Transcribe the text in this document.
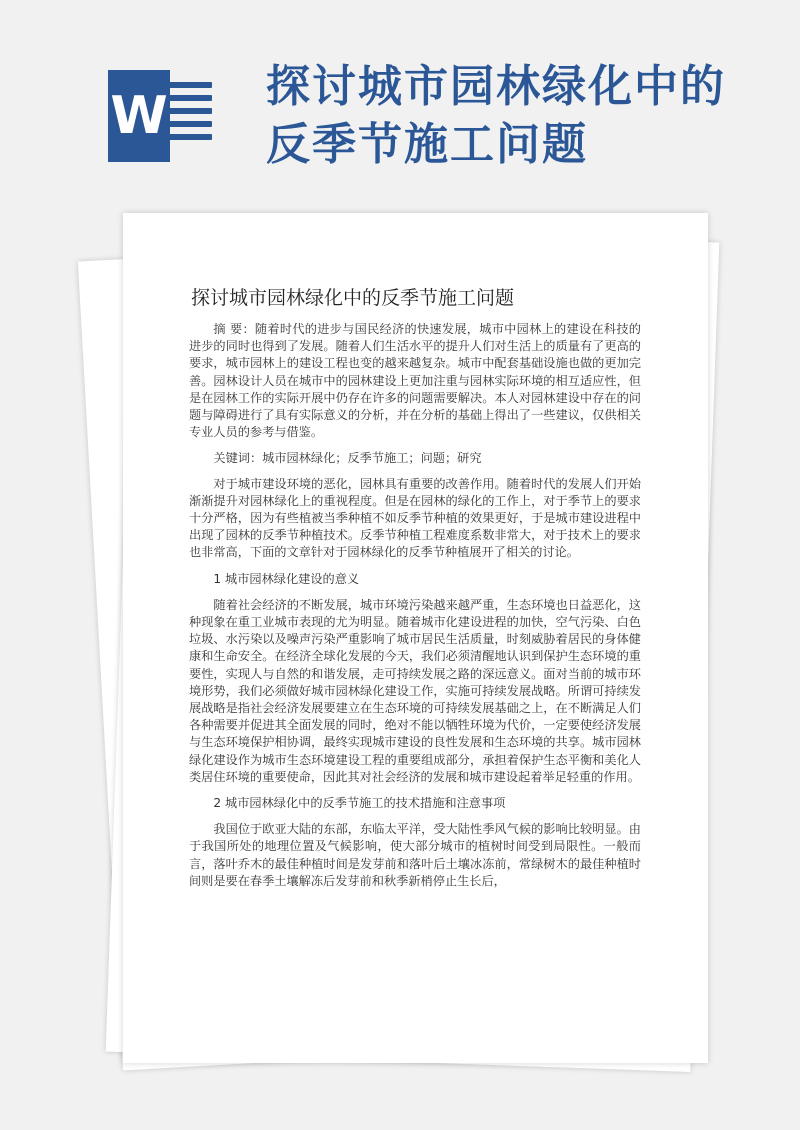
W 探讨城市园林绿化中的反季节施工问题
探讨城市园林绿化中的反季节施工问题

摘 要：随着时代的进步与国民经济的快速发展，城市中园林上的建设在科技的进步的同时也得到了发展。随着人们生活水平的提升人们对生活上的质量有了更高的要求，城市园林上的建设工程也变的越来越复杂。城市中配套基础设施也做的更加完善。园林设计人员在城市中的园林建设上更加注重与园林实际环境的相互适应性，但是在园林工作的实际开展中仍存在许多的问题需要解决。本人对园林建设中存在的问题与障碍进行了具有实际意义的分析，并在分析的基础上得出了一些建议，仅供相关专业人员的参考与借鉴。

关键词：城市园林绿化；反季节施工；问题；研究

对于城市建设环境的恶化，园林具有重要的改善作用。随着时代的发展人们开始渐渐提升对园林绿化上的重视程度。但是在园林的绿化的工作上，对于季节上的要求十分严格，因为有些植被当季种植不如反季节种植的效果更好，于是城市建设进程中出现了园林的反季节种植技术。反季节种植工程难度系数非常大，对于技术上的要求也非常高，下面的文章针对于园林绿化的反季节种植展开了相关的讨论。

1 城市园林绿化建设的意义

随着社会经济的不断发展，城市环境污染越来越严重，生态环境也日益恶化，这种现象在重工业城市表现的尤为明显。随着城市化建设进程的加快，空气污染、白色垃圾、水污染以及噪声污染严重影响了城市居民生活质量，时刻威胁着居民的身体健康和生命安全。在经济全球化发展的今天，我们必须清醒地认识到保护生态环境的重要性，实现人与自然的和谐发展，走可持续发展之路的深远意义。面对当前的城市环境形势，我们必须做好城市园林绿化建设工作，实施可持续发展战略。所谓可持续发展战略是指社会经济发展要建立在生态环境的可持续发展基础之上，在不断满足人们各种需要并促进其全面发展的同时，绝对不能以牺牲环境为代价，一定要使经济发展与生态环境保护相协调，最终实现城市建设的良性发展和生态环境的共享。城市园林绿化建设作为城市生态环境建设工程的重要组成部分，承担着保护生态平衡和美化人类居住环境的重要使命，因此其对社会经济的发展和城市建设起着举足轻重的作用。

2 城市园林绿化中的反季节施工的技术措施和注意事项

我国位于欧亚大陆的东部，东临太平洋，受大陆性季风气候的影响比较明显。由于我国所处的地理位置及气候影响，使大部分城市的植树时间受到局限性。一般而言，落叶乔木的最佳种植时间是发芽前和落叶后土壤冰冻前，常绿树木的最佳种植时间则是要在春季土壤解冻后发芽前和秋季新梢停止生长后，
